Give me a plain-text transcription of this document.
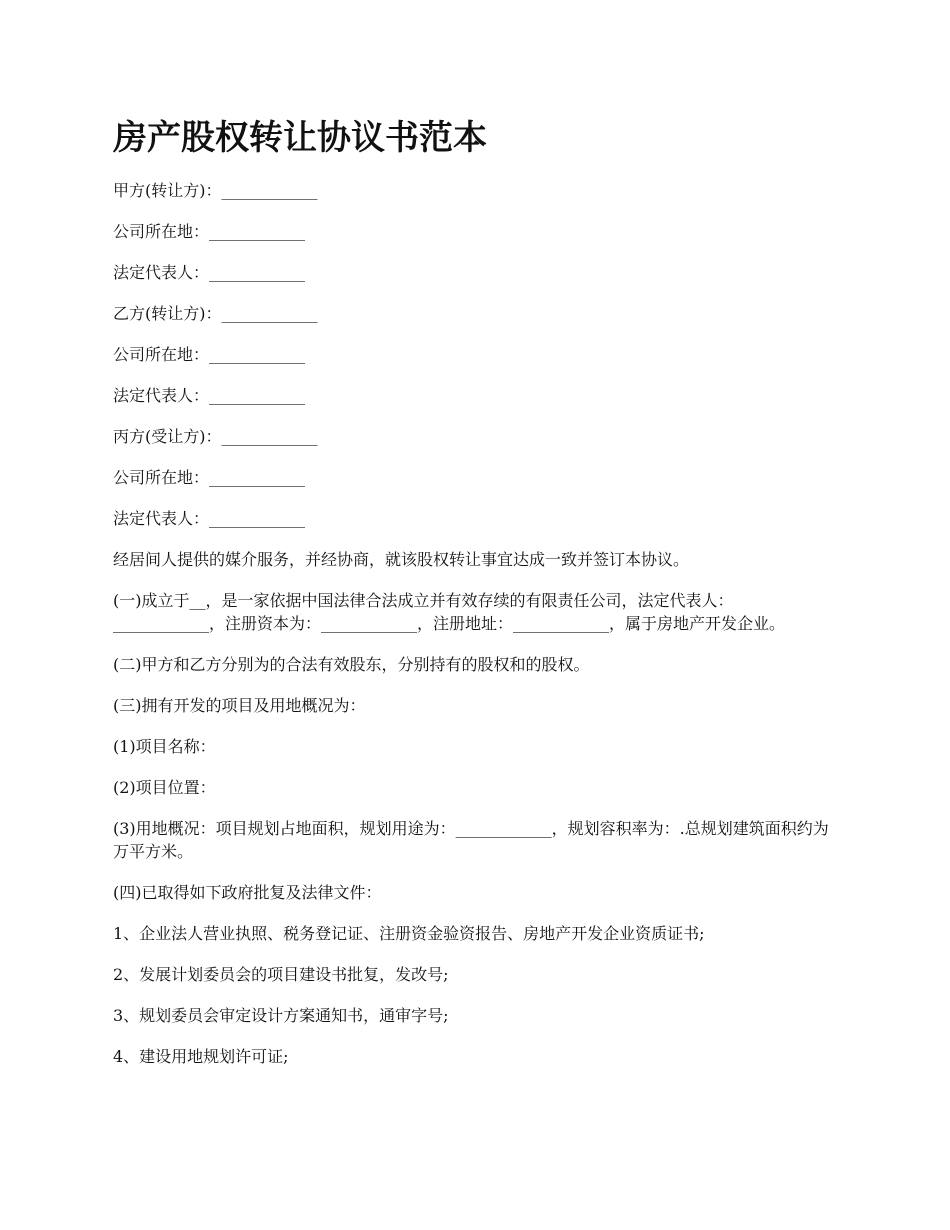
房产股权转让协议书范本

甲方(转让方)：____________

公司所在地：____________

法定代表人：____________

乙方(转让方)：____________

公司所在地：____________

法定代表人：____________

丙方(受让方)：____________

公司所在地：____________

法定代表人：____________

经居间人提供的媒介服务，并经协商，就该股权转让事宜达成一致并签订本协议。

(一)成立于__，是一家依据中国法律合法成立并有效存续的有限责任公司，法定代表人：____________，注册资本为：____________，注册地址：____________，属于房地产开发企业。

(二)甲方和乙方分别为的合法有效股东，分别持有的股权和的股权。

(三)拥有开发的项目及用地概况为：

(1)项目名称：

(2)项目位置：

(3)用地概况：项目规划占地面积，规划用途为：____________，规划容积率为：.总规划建筑面积约为万平方米。

(四)已取得如下政府批复及法律文件：

1、企业法人营业执照、税务登记证、注册资金验资报告、房地产开发企业资质证书;

2、发展计划委员会的项目建设书批复，发改号;

3、规划委员会审定设计方案通知书，通审字号;

4、建设用地规划许可证;
